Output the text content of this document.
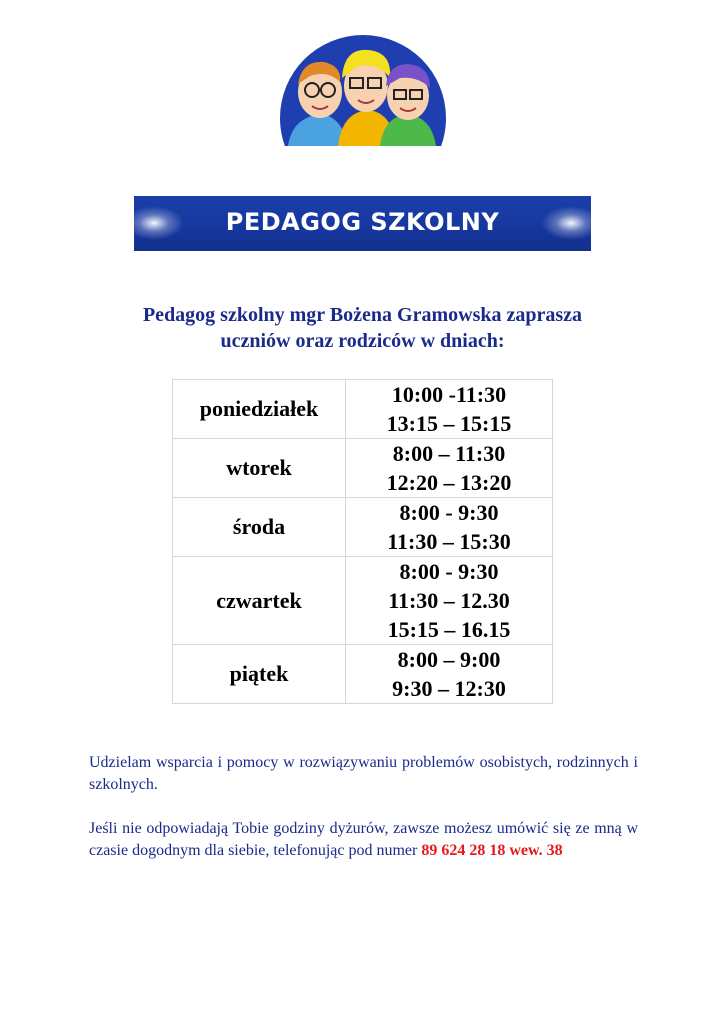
PEDAGOG SZKOLNY
Pedagog szkolny mgr Bożena Gramowska zaprasza
uczniów oraz rodziców w dniach:
poniedziałek	10:00 -11:30
13:15 – 15:15

wtorek	8:00 – 11:30
12:20 – 13:20

środa	8:00 - 9:30
11:30 – 15:30

czwartek	8:00 - 9:30
11:30 – 12.30
15:15 – 16.15

piątek	8:00 – 9:00
9:30 – 12:30

Udzielam wsparcia i pomocy w rozwiązywaniu problemów osobistych, rodzinnych i szkolnych.

Jeśli nie odpowiadają Tobie godziny dyżurów, zawsze możesz umówić się ze mną w czasie dogodnym dla siebie, telefonując pod numer 89 624 28 18 wew. 38
